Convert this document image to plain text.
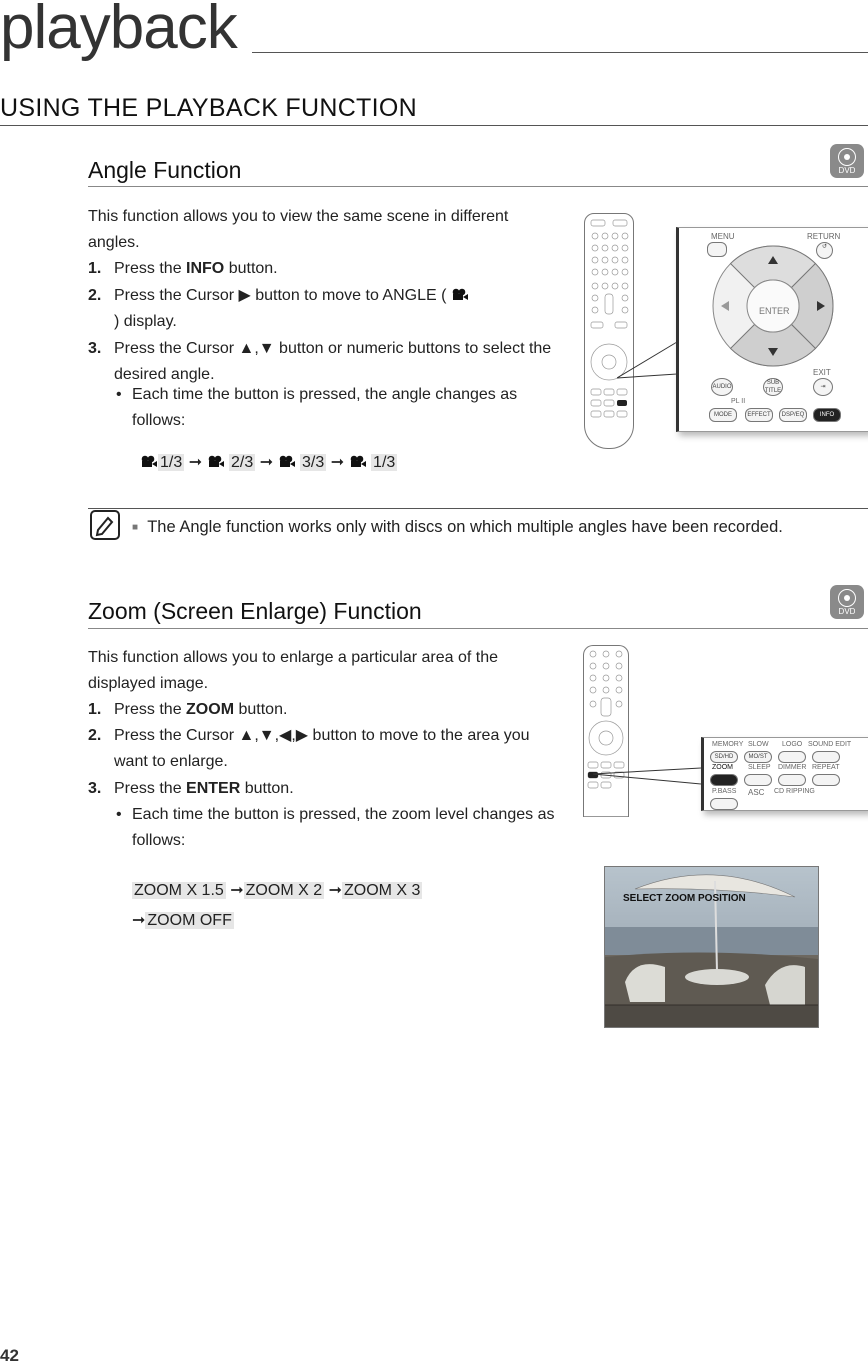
playback
USING THE PLAYBACK FUNCTION
Angle Function	DVD
This function allows you to view the same scene in different angles.
1. Press the INFO button.
2. Press the Cursor ▶ button to move to ANGLE (
) display.
3. Press the Cursor ▲,▼ button or numeric buttons to select the desired angle.
• Each time the button is pressed, the angle changes as follows:
1/3 ➞ 2/3 ➞ 3/3 ➞ 1/3
MENU	RETURN
↺
ENTER
EXIT
AUDIO
SUB TITLE
⇥
PL II
MODE	EFFECT	DSP/EQ	INFO
■ The Angle function works only with discs on which multiple angles have been recorded.
Zoom (Screen Enlarge) Function	DVD
This function allows you to enlarge a particular area of the displayed image.
1. Press the ZOOM button.
2. Press the Cursor ▲,▼,◀,▶ button to move to the area you want to enlarge.
3. Press the ENTER button.
• Each time the button is pressed, the zoom level changes as follows:
ZOOM X 1.5 ➞ ZOOM X 2 ➞ ZOOM X 3
➞ ZOOM OFF
MEMORY SLOW LOGO SOUND EDIT
SD/HD	MO/ST
ZOOM SLEEP DIMMER REPEAT
P.BASS ASC CD RIPPING
SELECT ZOOM POSITION
42
